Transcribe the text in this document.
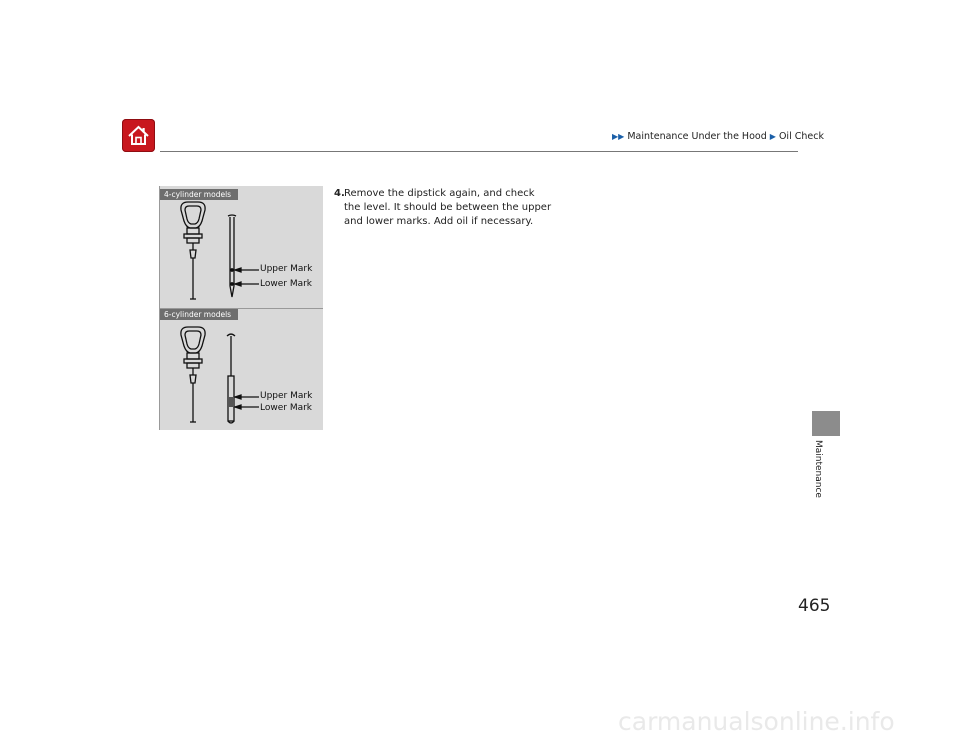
▶▶ Maintenance Under the Hood ▶ Oil Check
4-cylinder models
6-cylinder models
Upper Mark
Lower Mark
Upper Mark
Lower Mark
4. Remove the dipstick again, and check the level. It should be between the upper and lower marks. Add oil if necessary.
Maintenance
465
carmanualsonline.info
